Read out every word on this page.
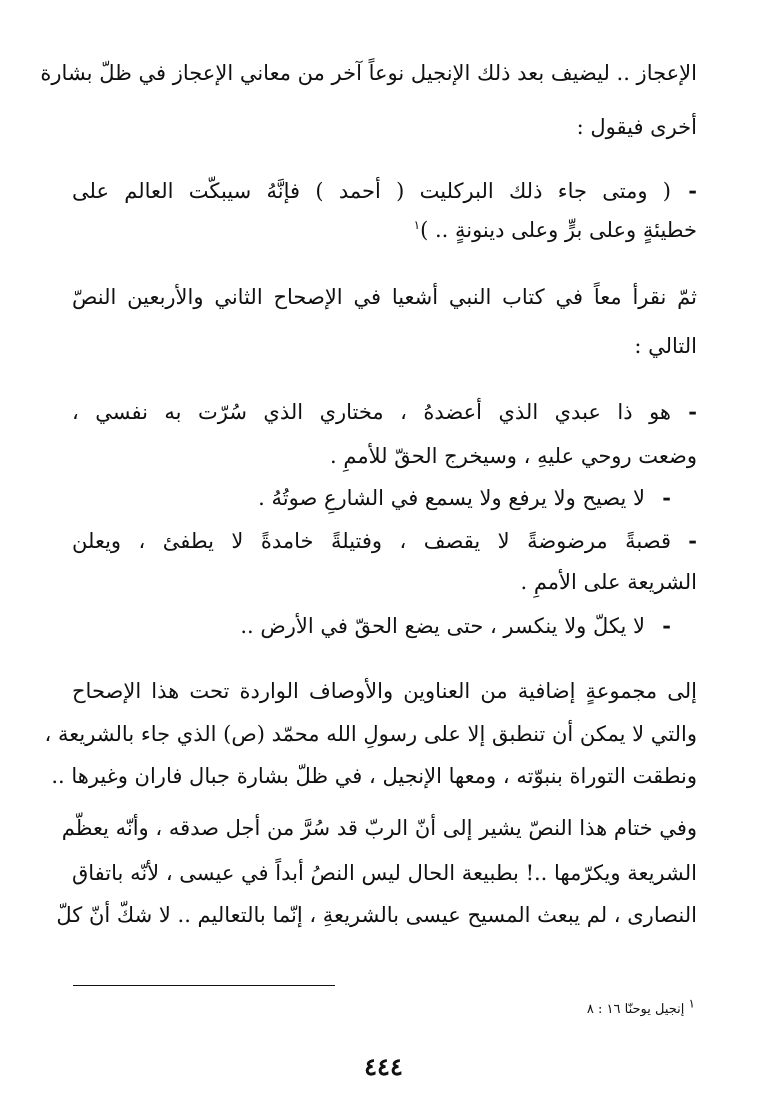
الإعجاز .. ليضيف بعد ذلك الإنجيل نوعاً آخر من معاني الإعجاز في ظلّ بشارة
أخرى فيقول :
-( ومتى جاء ذلك البركليت ( أحمد ) فإنَّهُ سيبكّت العالم على
خطيئةٍ وعلى برٍّ وعلى دينونةٍ .. )$^١$
ثمّ نقرأ معاً في كتاب النبي أشعيا في الإصحاح الثاني والأربعين النصّ
التالي :
-هو ذا عبدي الذي أعضدهُ ، مختاري الذي سُرّت به نفسي ،
وضعت روحي عليهِ ، وسيخرج الحقّ للأممِ .
-لا يصيح ولا يرفع ولا يسمع في الشارعِ صوتُهُ .
-قصبةً مرضوضةً لا يقصف ، وفتيلةً خامدةً لا يطفئ ، ويعلن
الشريعة على الأممِ .
-لا يكلّ ولا ينكسر ، حتى يضع الحقّ في الأرض ..
إلى مجموعةٍ إضافية من العناوين والأوصاف الواردة تحت هذا الإصحاح
والتي لا يمكن أن تنطبق إلا على رسولِ الله محمّد (ص) الذي جاء بالشريعة ،
ونطقت التوراة بنبوّته ، ومعها الإنجيل ، في ظلّ بشارة جبال فاران وغيرها ..
وفي ختام هذا النصّ يشير إلى أنّ الربّ قد سُرَّ من أجل صدقه ، وأنّه يعظّم
الشريعة ويكرّمها ..! بطبيعة الحال ليس النصُ أبداً في عيسى ، لأنّه باتفاق
النصارى ، لم يبعث المسيح عيسى بالشريعةِ ، إنّما بالتعاليم .. لا شكّ أنّ كلّ
١ إنجيل يوحنّا ١٦ : ٨
٤٤٤
